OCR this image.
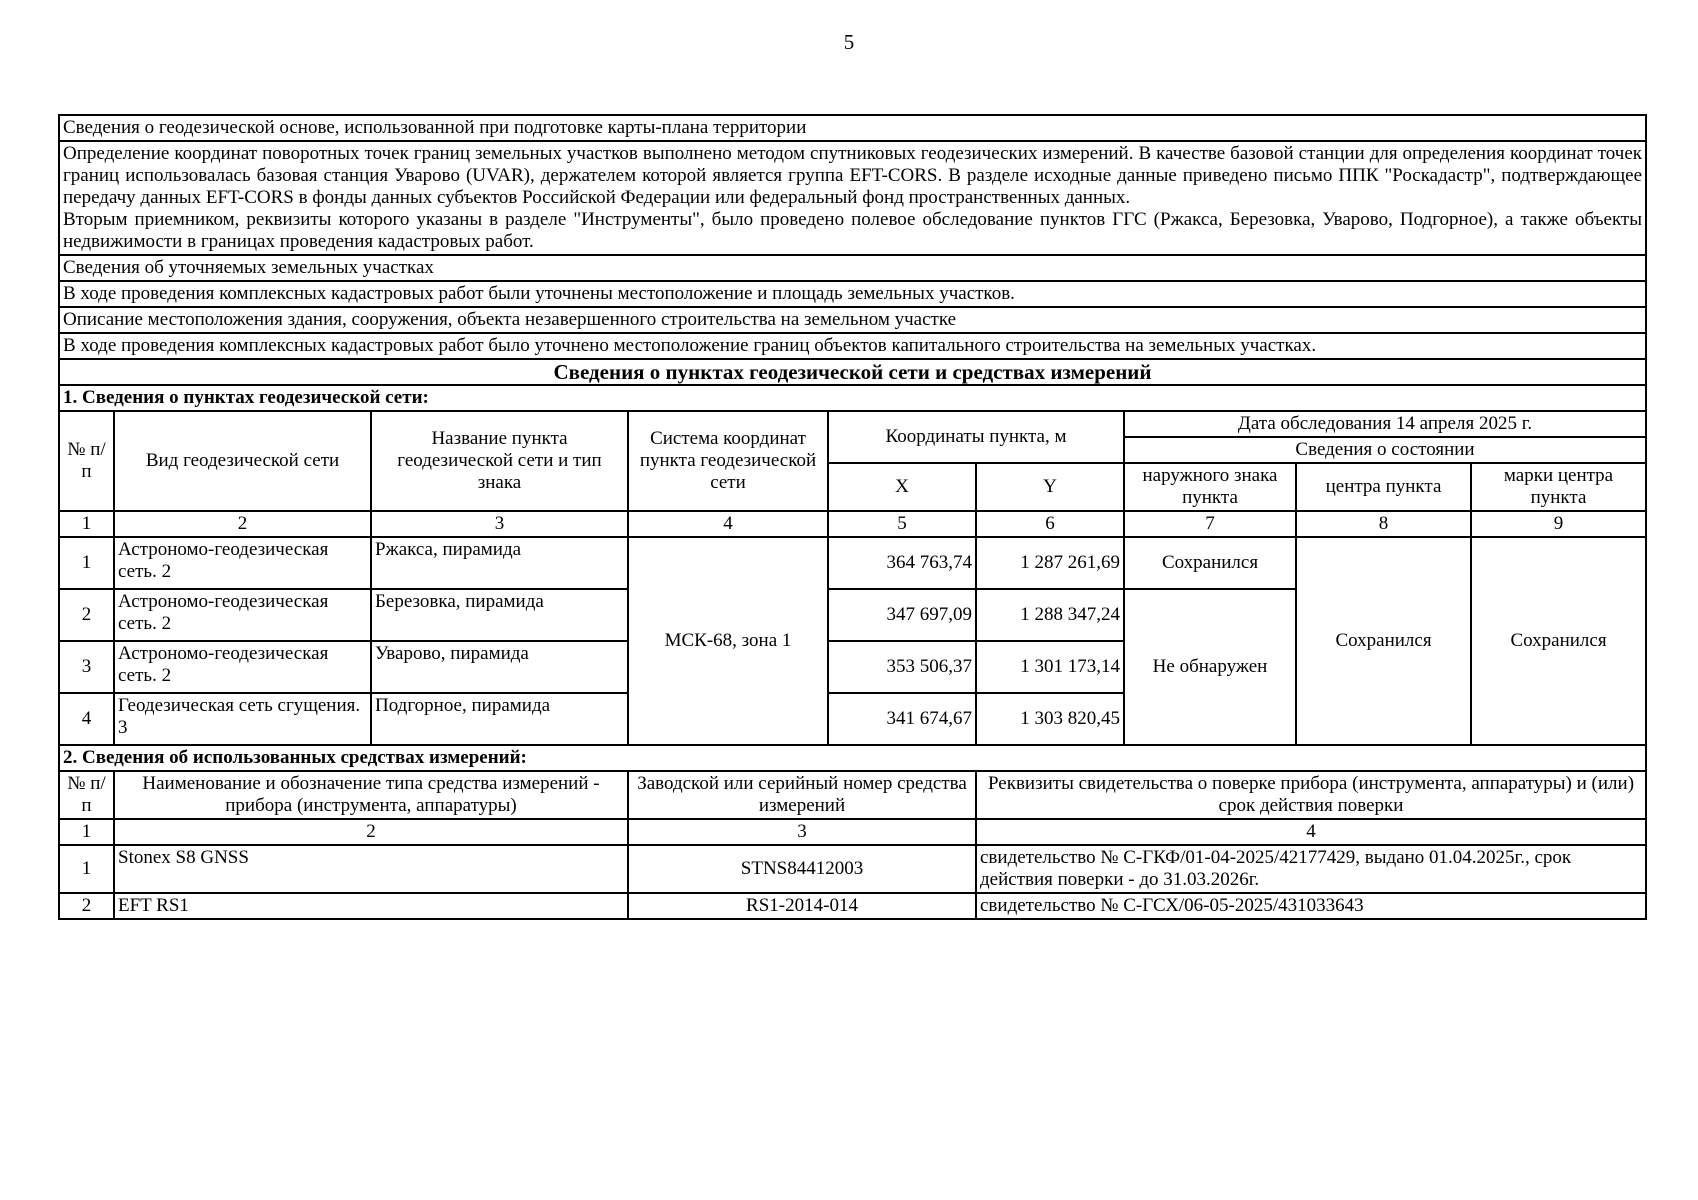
5
Сведения о геодезической основе, использованной при подготовке карты-плана территории								

Определение координат поворотных точек границ земельных участков выполнено методом спутниковых геодезических измерений. В качестве базовой станции для определения координат точек границ использовалась базовая станция Уварово (UVAR), держателем которой является группа EFT-CORS. В разделе исходные данные приведено письмо ППК "Роскадастр", подтверждающее передачу данных EFT-CORS в фонды данных субъектов Российской Федерации или федеральный фонд пространственных данных.
Вторым приемником, реквизиты которого указаны в разделе "Инструменты", было проведено полевое обследование пунктов ГГС (Ржакса, Березовка, Уварово, Подгорное), а также объекты недвижимости в границах проведения кадастровых работ.								

Сведения об уточняемых земельных участках								
В ходе проведения комплексных кадастровых работ были уточнены местоположение и площадь земельных участков.								
Описание местоположения здания, сооружения, объекта незавершенного строительства на земельном участке								
В ходе проведения комплексных кадастровых работ было уточнено местоположение границ объектов капитального строительства на земельных участках.								
Сведения о пунктах геодезической сети и средствах измерений								
1. Сведения о пунктах геодезической сети:								
№ п/п	Вид геодезической сети	Название пункта геодезической сети и тип знака	Система координат пункта геодезической сети	Координаты пункта, м		Дата обследования 14 апреля 2025 г.		
						Сведения о состоянии		
				X	Y	наружного знака пункта	центра пункта	марки центра пункта
1	2	3	4	5	6	7	8	9
1	Астрономо-геодезическая сеть. 2	Ржакса, пирамида	МСК-68, зона 1	364 763,74	1 287 261,69	Сохранился	Сохранился	Сохранился
2	Астрономо-геодезическая сеть. 2	Березовка, пирамида		347 697,09	1 288 347,24	Не обнаружен		
3	Астрономо-геодезическая сеть. 2	Уварово, пирамида		353 506,37	1 301 173,14			
4	Геодезическая сеть сгущения. 3	Подгорное, пирамида		341 674,67	1 303 820,45			
2. Сведения об использованных средствах измерений:								
№ п/п	Наименование и обозначение типа средства измерений - прибора (инструмента, аппаратуры)		Заводской или серийный номер средства измерений		Реквизиты свидетельства о поверке прибора (инструмента, аппаратуры) и (или) срок действия поверки			
1	2		3		4			
1	Stonex S8 GNSS		STNS84412003		свидетельство № С-ГКФ/01-04-2025/42177429, выдано 01.04.2025г., срок действия поверки - до 31.03.2026г.			
2	EFT RS1		RS1-2014-014		свидетельство № С-ГСХ/06-05-2025/431033643			
